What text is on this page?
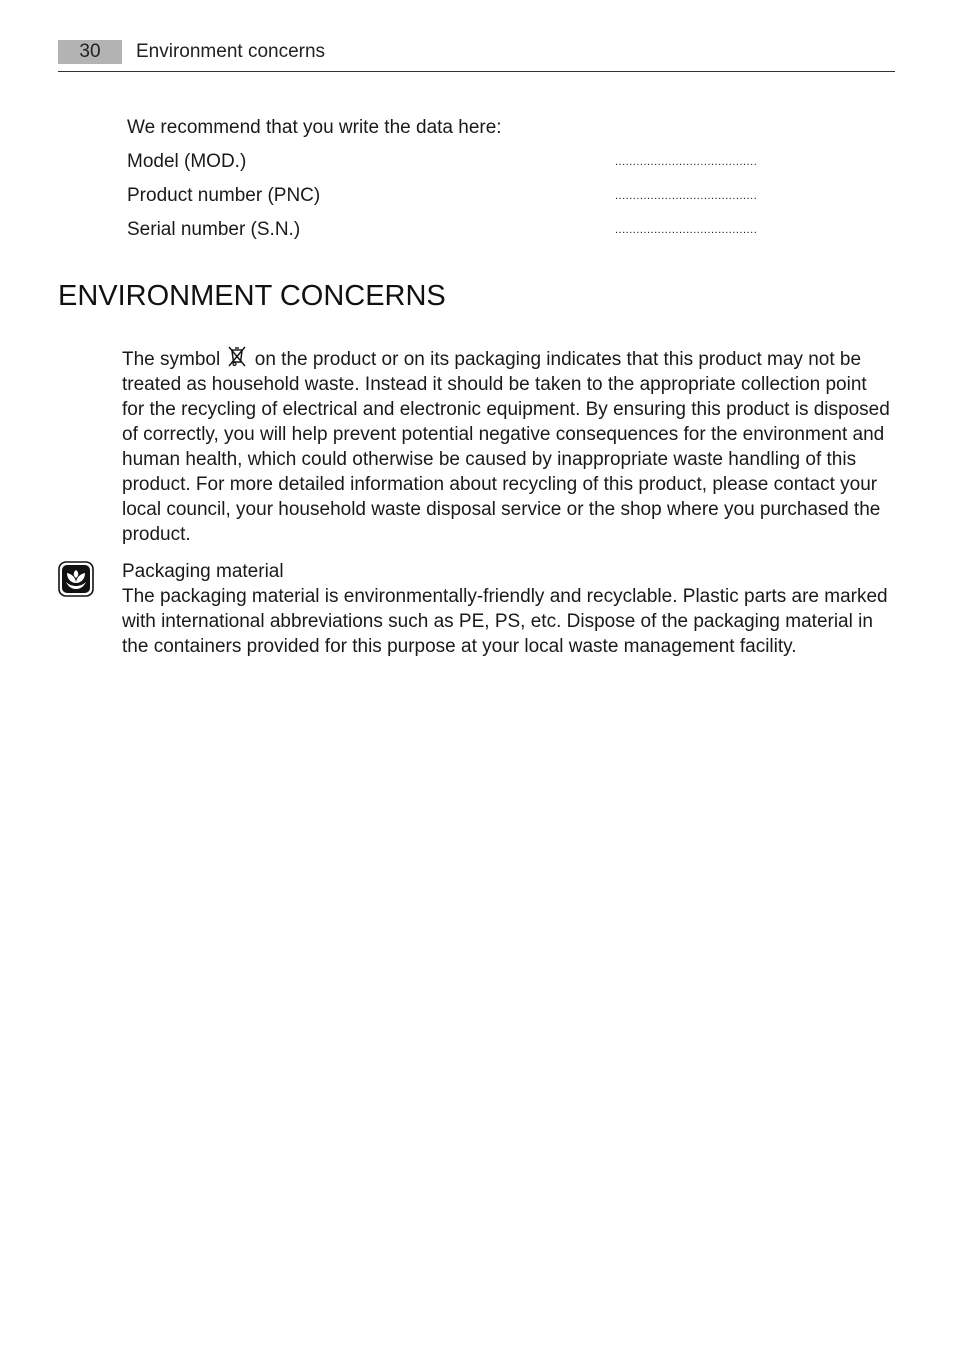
30	Environment concerns
We recommend that you write the data here:
Model (MOD.)	........................................
Product number (PNC)	........................................
Serial number (S.N.)	........................................
ENVIRONMENT CONCERNS

The symbol  on the product or on its packaging indicates that this product may not be treated as household waste. Instead it should be taken to the appropriate collection point for the recycling of electrical and electronic equipment. By ensuring this product is disposed of correctly, you will help prevent potential negative consequences for the environment and human health, which could otherwise be caused by inappropriate waste handling of this product. For more detailed information about recycling of this product, please contact your local council, your household waste disposal service or the shop where you purchased the product.

Packaging material
The packaging material is environmentally-friendly and recyclable. Plastic parts are marked with international abbreviations such as PE, PS, etc. Dispose of the packaging material in the containers provided for this purpose at your local waste management facility.
